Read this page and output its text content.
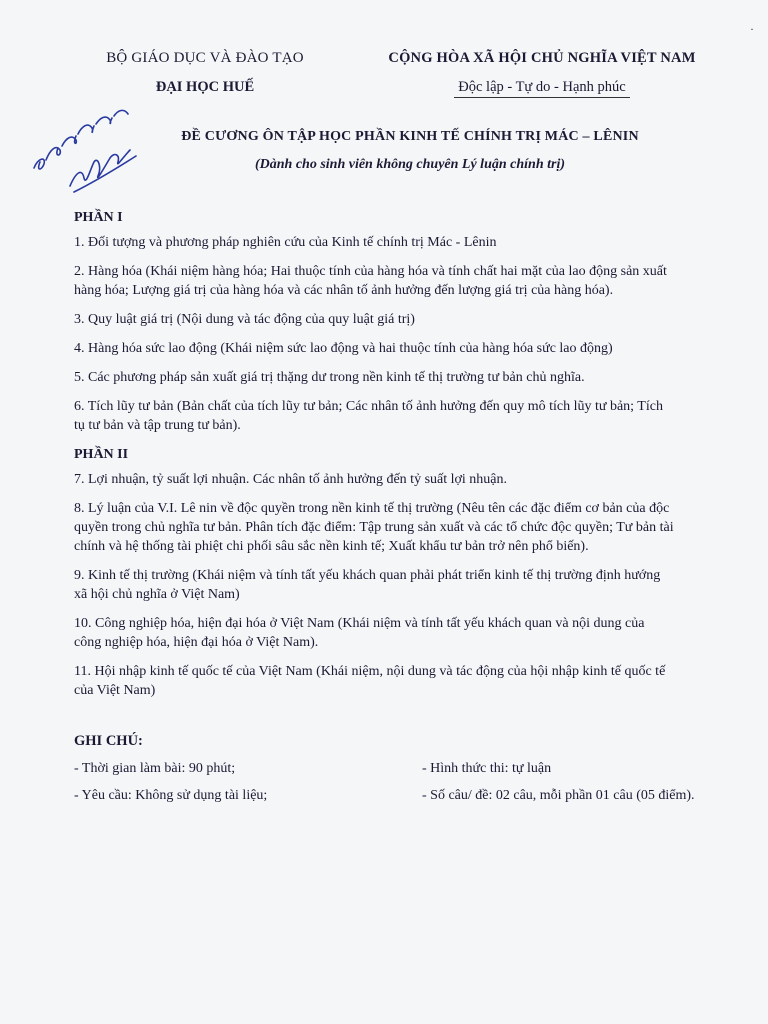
·
BỘ GIÁO DỤC VÀ ĐÀO TẠO
ĐẠI HỌC HUẾ
CỘNG HÒA XÃ HỘI CHỦ NGHĨA VIỆT NAM
Độc lập - Tự do - Hạnh phúc
ĐỀ CƯƠNG ÔN TẬP HỌC PHẦN KINH TẾ CHÍNH TRỊ MÁC – LÊNIN
(Dành cho sinh viên không chuyên Lý luận chính trị)
PHẦN I
1. Đối tượng và phương pháp nghiên cứu của Kinh tế chính trị Mác - Lênin
2. Hàng hóa (Khái niệm hàng hóa; Hai thuộc tính của hàng hóa và tính chất hai mặt của lao động sản xuất hàng hóa; Lượng giá trị của hàng hóa và các nhân tố ảnh hưởng đến lượng giá trị của hàng hóa).
3. Quy luật giá trị (Nội dung và tác động của quy luật giá trị)
4. Hàng hóa sức lao động (Khái niệm sức lao động và hai thuộc tính của hàng hóa sức lao động)
5. Các phương pháp sản xuất giá trị thặng dư trong nền kinh tế thị trường tư bản chủ nghĩa.
6. Tích lũy tư bản (Bản chất của tích lũy tư bản; Các nhân tố ảnh hưởng đến quy mô tích lũy tư bản; Tích tụ tư bản và tập trung tư bản).
PHẦN II
7. Lợi nhuận, tỷ suất lợi nhuận. Các nhân tố ảnh hưởng đến tỷ suất lợi nhuận.
8. Lý luận của V.I. Lê nin về độc quyền trong nền kinh tế thị trường (Nêu tên các đặc điểm cơ bản của độc quyền trong chủ nghĩa tư bản. Phân tích đặc điểm: Tập trung sản xuất và các tổ chức độc quyền; Tư bản tài chính và hệ thống tài phiệt chi phối sâu sắc nền kinh tế; Xuất khẩu tư bản trở nên phổ biến).
9. Kinh tế thị trường (Khái niệm và tính tất yếu khách quan phải phát triển kinh tế thị trường định hướng xã hội chủ nghĩa ở Việt Nam)
10. Công nghiệp hóa, hiện đại hóa ở Việt Nam (Khái niệm và tính tất yếu khách quan và nội dung của công nghiệp hóa, hiện đại hóa ở Việt Nam).
11. Hội nhập kinh tế quốc tế của Việt Nam (Khái niệm, nội dung và tác động của hội nhập kinh tế quốc tế của Việt Nam)
GHI CHÚ:
- Thời gian làm bài: 90 phút;	- Hình thức thi: tự luận
- Yêu cầu: Không sử dụng tài liệu;	- Số câu/ đề: 02 câu, mỗi phần 01 câu (05 điểm).
